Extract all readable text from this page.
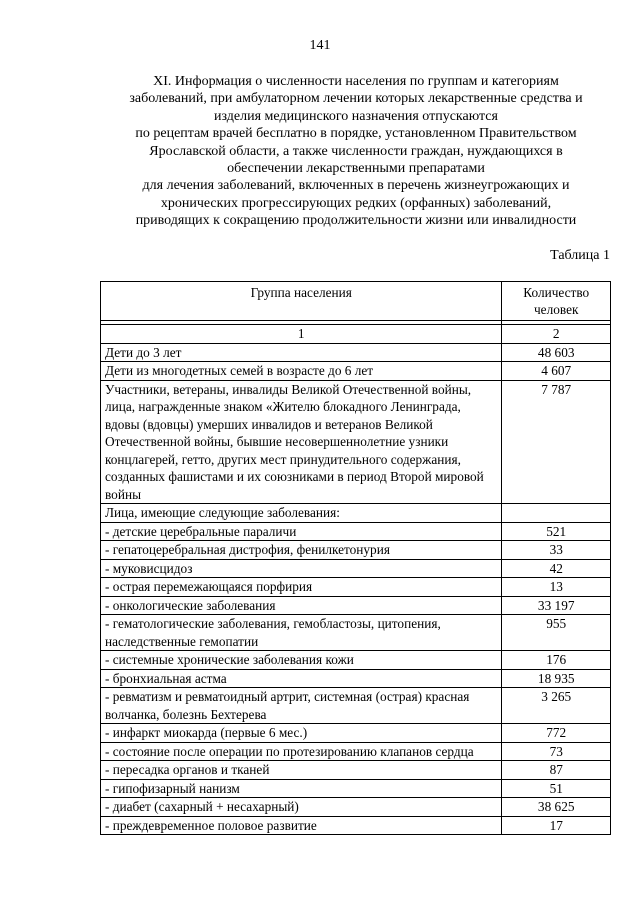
141
XI. Информация о численности населения по группам и категориям
заболеваний, при амбулаторном лечении которых лекарственные средства и
изделия медицинского назначения отпускаются
по рецептам врачей бесплатно в порядке, установленном Правительством
Ярославской области, а также численности граждан, нуждающихся в
обеспечении лекарственными препаратами
для лечения заболеваний, включенных в перечень жизнеугрожающих и
хронических прогрессирующих редких (орфанных) заболеваний,
приводящих к сокращению продолжительности жизни или инвалидности
Таблица 1
Группа населения	Количество человек

1	2
Дети до 3 лет	48 603
Дети из многодетных семей в возрасте до 6 лет	4 607
Участники, ветераны, инвалиды Великой Отечественной войны, лица, награжденные знаком «Жителю блокадного Ленинграда, вдовы (вдовцы) умерших инвалидов и ветеранов Великой Отечественной войны, бывшие несовершеннолетние узники концлагерей, гетто, других мест принудительного содержания, созданных фашистами и их союзниками в период Второй мировой войны	7 787
Лица, имеющие следующие заболевания:	
- детские церебральные параличи	521
- гепатоцеребральная дистрофия, фенилкетонурия	33
- муковисцидоз	42
- острая перемежающаяся порфирия	13
- онкологические заболевания	33 197
- гематологические заболевания, гемобластозы, цитопения, наследственные гемопатии	955
- системные хронические заболевания кожи	176
- бронхиальная астма	18 935
- ревматизм и ревматоидный артрит, системная (острая) красная волчанка, болезнь Бехтерева	3 265
- инфаркт миокарда (первые 6 мес.)	772
- состояние после операции по протезированию клапанов сердца	73
- пересадка органов и тканей	87
- гипофизарный нанизм	51
- диабет (сахарный + несахарный)	38 625
- преждевременное половое развитие	17
